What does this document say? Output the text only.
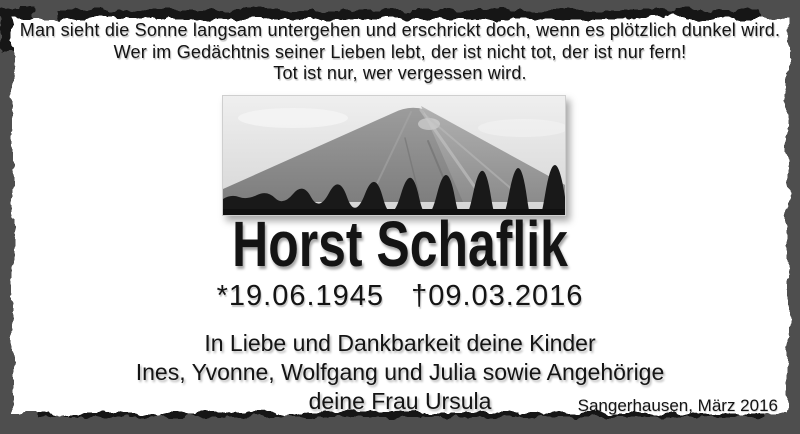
Man sieht die Sonne langsam untergehen und erschrickt doch, wenn es plötzlich dunkel wird.
Wer im Gedächtnis seiner Lieben lebt, der ist nicht tot, der ist nur fern!
Tot ist nur, wer vergessen wird.
Horst Schaflik
*19.06.1945 †09.03.2016
In Liebe und Dankbarkeit deine Kinder
Ines, Yvonne, Wolfgang und Julia sowie Angehörige
deine Frau Ursula	Sangerhausen, März 2016
